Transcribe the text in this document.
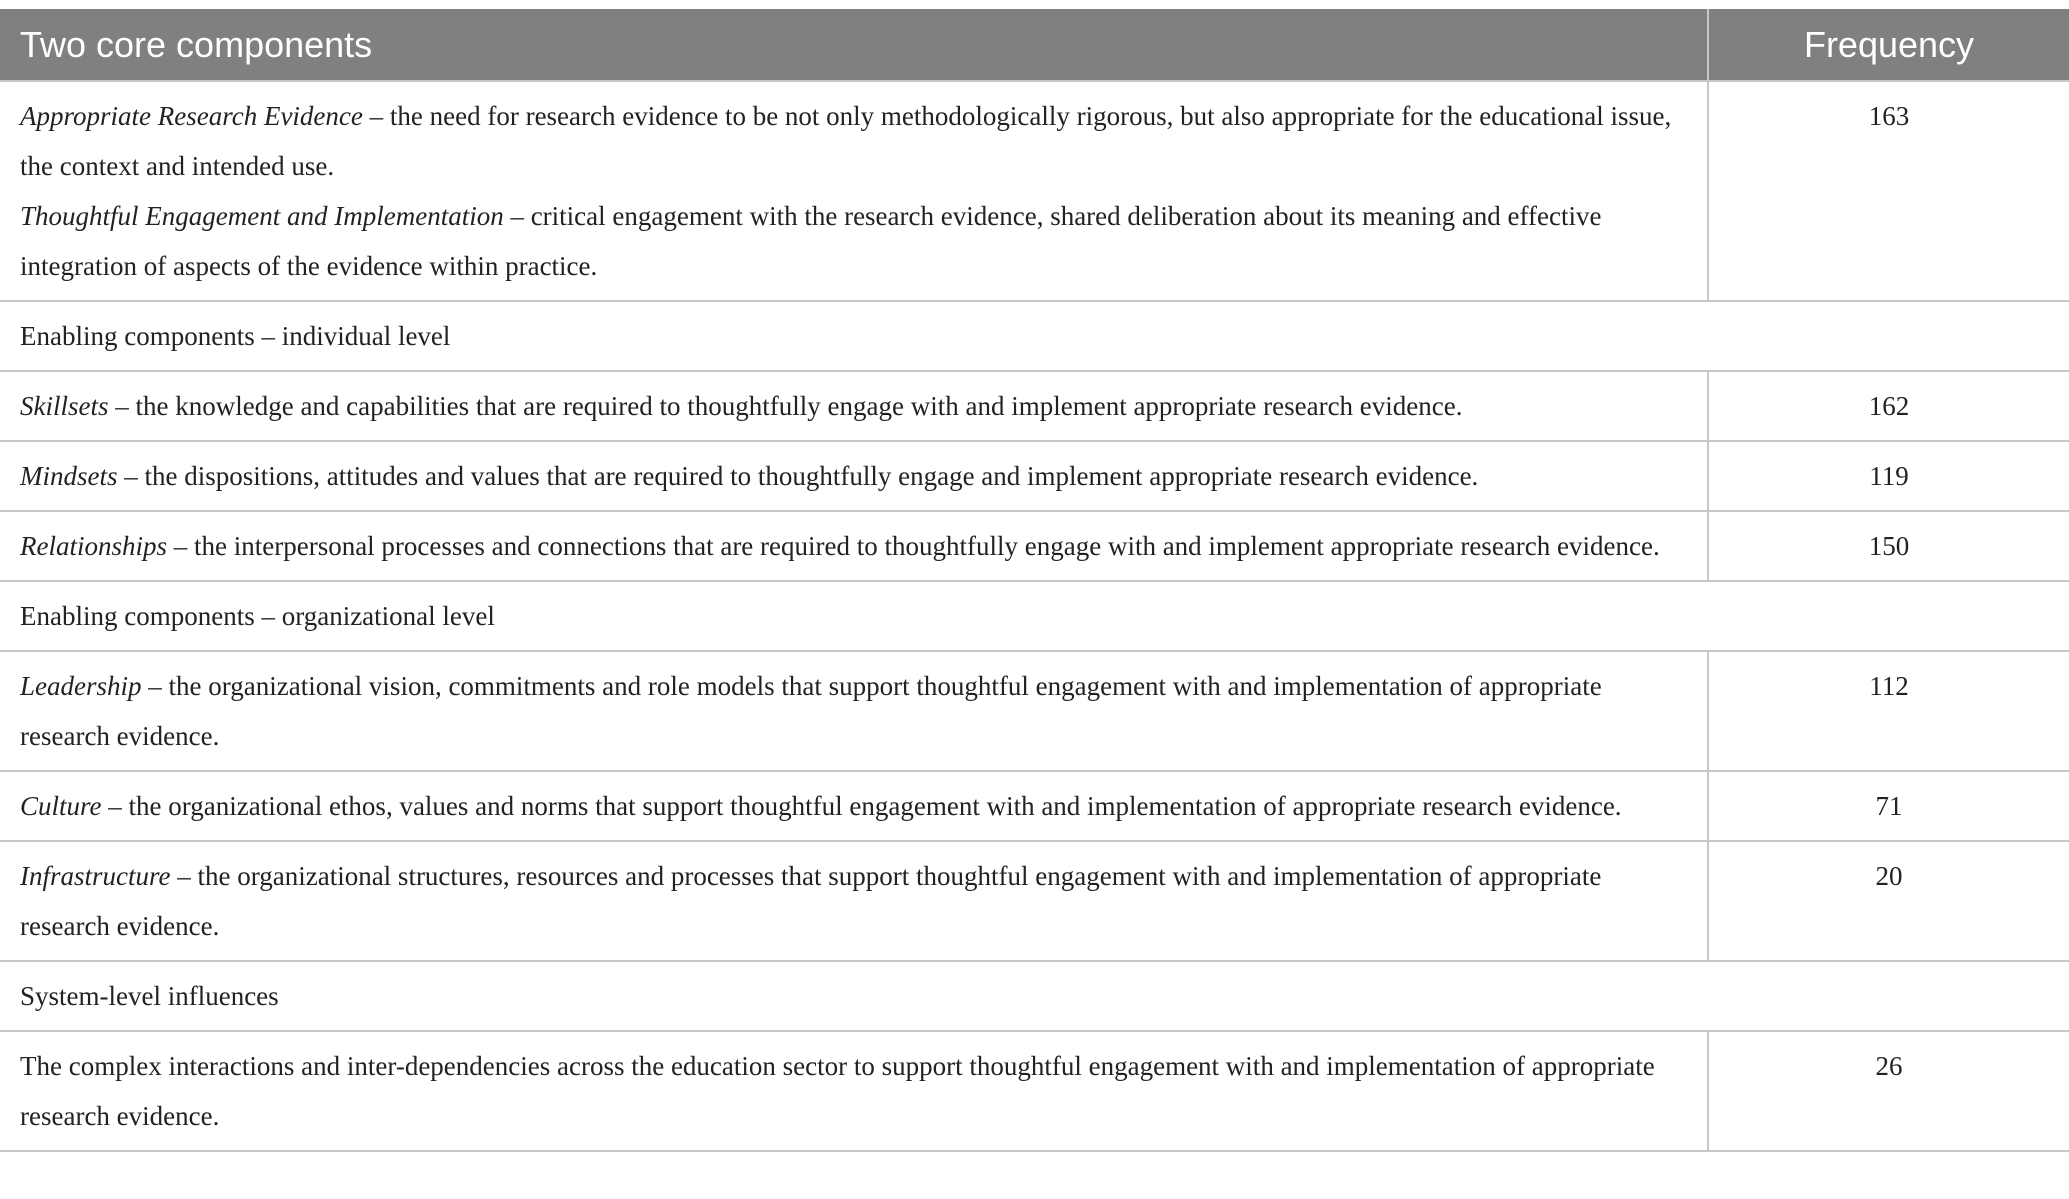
Two core components	Frequency

Appropriate Research Evidence – the need for research evidence to be not only methodologically rigorous, but also appropriate for the educational issue, the context and intended use.
Thoughtful Engagement and Implementation – critical engagement with the research evidence, shared deliberation about its meaning and effective integration of aspects of the evidence within practice.	163
Enabling components – individual level	
Skillsets – the knowledge and capabilities that are required to thoughtfully engage with and implement appropriate research evidence.	162
Mindsets – the dispositions, attitudes and values that are required to thoughtfully engage and implement appropriate research evidence.	119
Relationships – the interpersonal processes and connections that are required to thoughtfully engage with and implement appropriate research evidence.	150
Enabling components – organizational level	
Leadership – the organizational vision, commitments and role models that support thoughtful engagement with and implementation of appropriate research evidence.	112
Culture – the organizational ethos, values and norms that support thoughtful engagement with and implementation of appropriate research evidence.	71
Infrastructure – the organizational structures, resources and processes that support thoughtful engagement with and implementation of appropriate research evidence.	20
System-level influences	
The complex interactions and inter-dependencies across the education sector to support thoughtful engagement with and implementation of appropriate research evidence.	26
